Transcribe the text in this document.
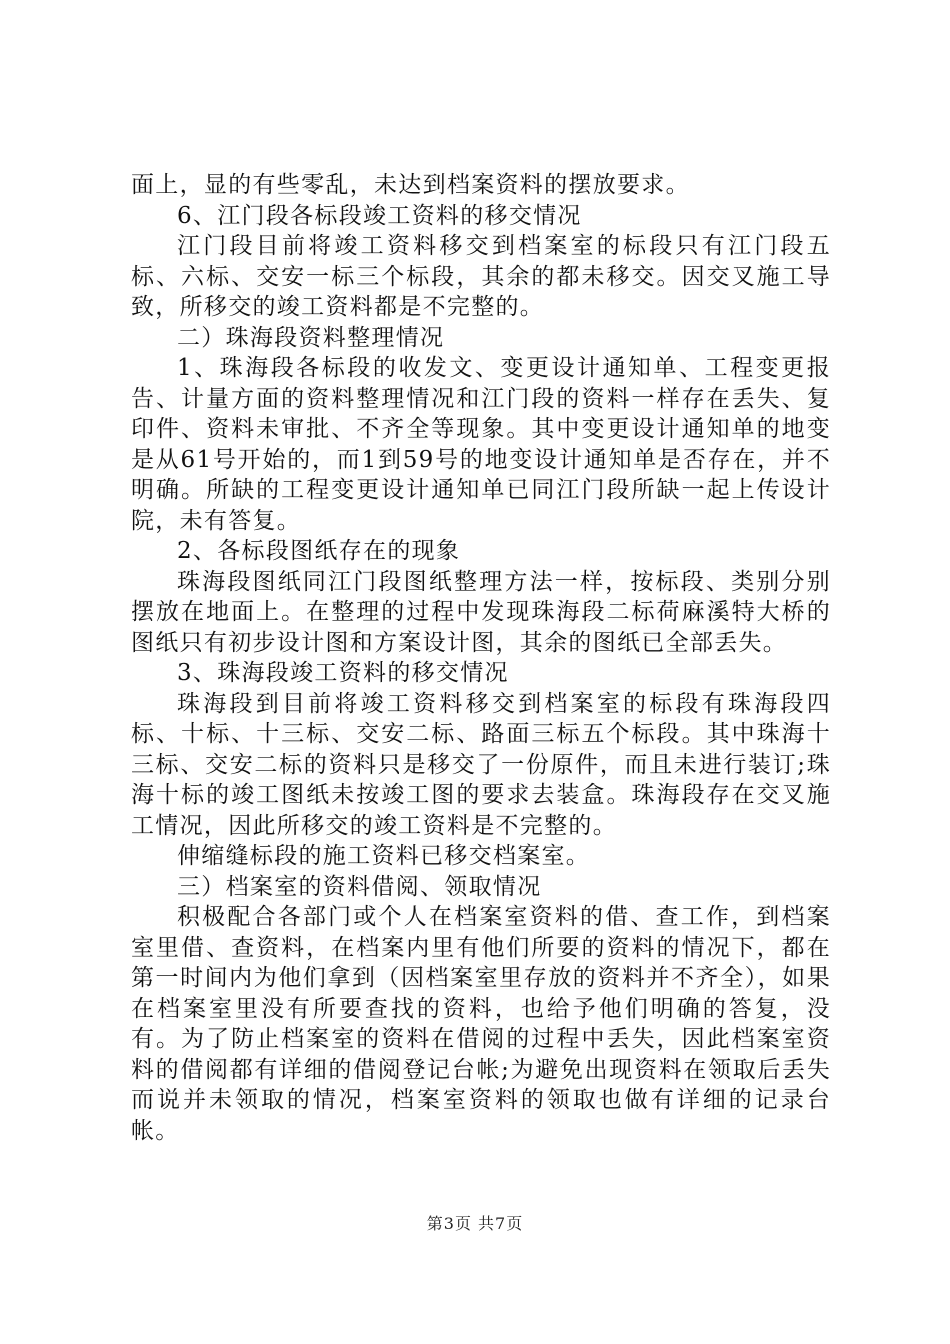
面上，显的有些零乱，未达到档案资料的摆放要求。

6、江门段各标段竣工资料的移交情况

江门段目前将竣工资料移交到档案室的标段只有江门段五标、六标、交安一标三个标段，其余的都未移交。因交叉施工导致，所移交的竣工资料都是不完整的。

二）珠海段资料整理情况

1、珠海段各标段的收发文、变更设计通知单、工程变更报告、计量方面的资料整理情况和江门段的资料一样存在丢失、复印件、资料未审批、不齐全等现象。其中变更设计通知单的地变是从61号开始的，而1到59号的地变设计通知单是否存在，并不明确。所缺的工程变更设计通知单已同江门段所缺一起上传设计院，未有答复。

2、各标段图纸存在的现象

珠海段图纸同江门段图纸整理方法一样，按标段、类别分别摆放在地面上。在整理的过程中发现珠海段二标荷麻溪特大桥的图纸只有初步设计图和方案设计图，其余的图纸已全部丢失。

3、珠海段竣工资料的移交情况

珠海段到目前将竣工资料移交到档案室的标段有珠海段四标、十标、十三标、交安二标、路面三标五个标段。其中珠海十三标、交安二标的资料只是移交了一份原件，而且未进行装订;珠海十标的竣工图纸未按竣工图的要求去装盒。珠海段存在交叉施工情况，因此所移交的竣工资料是不完整的。

伸缩缝标段的施工资料已移交档案室。

三）档案室的资料借阅、领取情况

积极配合各部门或个人在档案室资料的借、查工作，到档案室里借、查资料，在档案内里有他们所要的资料的情况下，都在第一时间内为他们拿到（因档案室里存放的资料并不齐全），如果在档案室里没有所要查找的资料，也给予他们明确的答复，没有。为了防止档案室的资料在借阅的过程中丢失，因此档案室资料的借阅都有详细的借阅登记台帐;为避免出现资料在领取后丢失而说并未领取的情况，档案室资料的领取也做有详细的记录台帐。

第3页 共7页
